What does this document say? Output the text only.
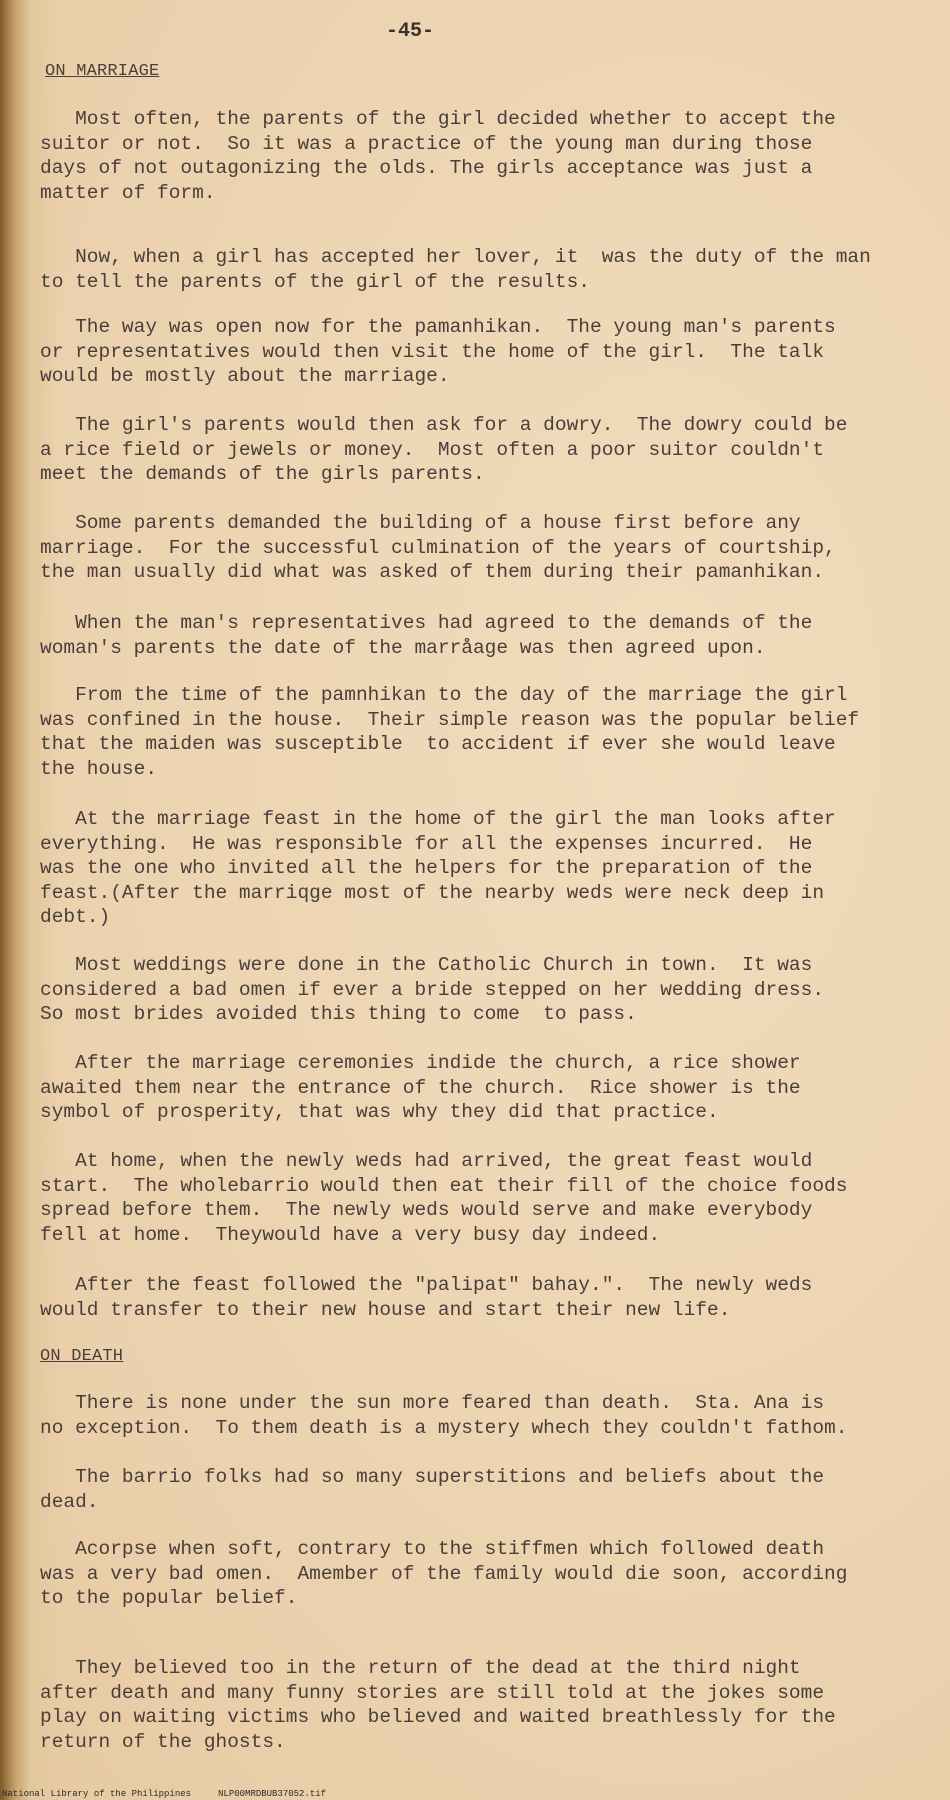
-45-
ON MARRIAGE
Most often, the parents of the girl decided whether to accept the
suitor or not.  So it was a practice of the young man during those
days of not outagonizing the olds. The girls acceptance was just a
matter of form.
Now, when a girl has accepted her lover, it  was the duty of the man
to tell the parents of the girl of the results.
The way was open now for the pamanhikan.  The young man's parents
or representatives would then visit the home of the girl.  The talk
would be mostly about the marriage.
The girl's parents would then ask for a dowry.  The dowry could be
a rice field or jewels or money.  Most often a poor suitor couldn't
meet the demands of the girls parents.
Some parents demanded the building of a house first before any
marriage.  For the successful culmination of the years of courtship,
the man usually did what was asked of them during their pamanhikan.
When the man's representatives had agreed to the demands of the
woman's parents the date of the marråage was then agreed upon.
From the time of the pamnhikan to the day of the marriage the girl
was confined in the house.  Their simple reason was the popular belief
that the maiden was susceptible  to accident if ever she would leave
the house.
At the marriage feast in the home of the girl the man looks after
everything.  He was responsible for all the expenses incurred.  He
was the one who invited all the helpers for the preparation of the
feast.(After the marriqge most of the nearby weds were neck deep in
debt.)
Most weddings were done in the Catholic Church in town.  It was
considered a bad omen if ever a bride stepped on her wedding dress.
So most brides avoided this thing to come  to pass.
After the marriage ceremonies indide the church, a rice shower
awaited them near the entrance of the church.  Rice shower is the
symbol of prosperity, that was why they did that practice.
At home, when the newly weds had arrived, the great feast would
start.  The wholebarrio would then eat their fill of the choice foods
spread before them.  The newly weds would serve and make everybody
fell at home.  Theywould have a very busy day indeed.
After the feast followed the "palipat" bahay.".  The newly weds
would transfer to their new house and start their new life.
ON DEATH
There is none under the sun more feared than death.  Sta. Ana is
no exception.  To them death is a mystery whech they couldn't fathom.
The barrio folks had so many superstitions and beliefs about the
dead.
Acorpse when soft, contrary to the stiffmen which followed death
was a very bad omen.  Amember of the family would die soon, according
to the popular belief.
They believed too in the return of the dead at the third night
after death and many funny stories are still told at the jokes some
play on waiting victims who believed and waited breathlessly for the
return of the ghosts.
National Library of the Philippines     NLP00MRDBUB37052.tif
